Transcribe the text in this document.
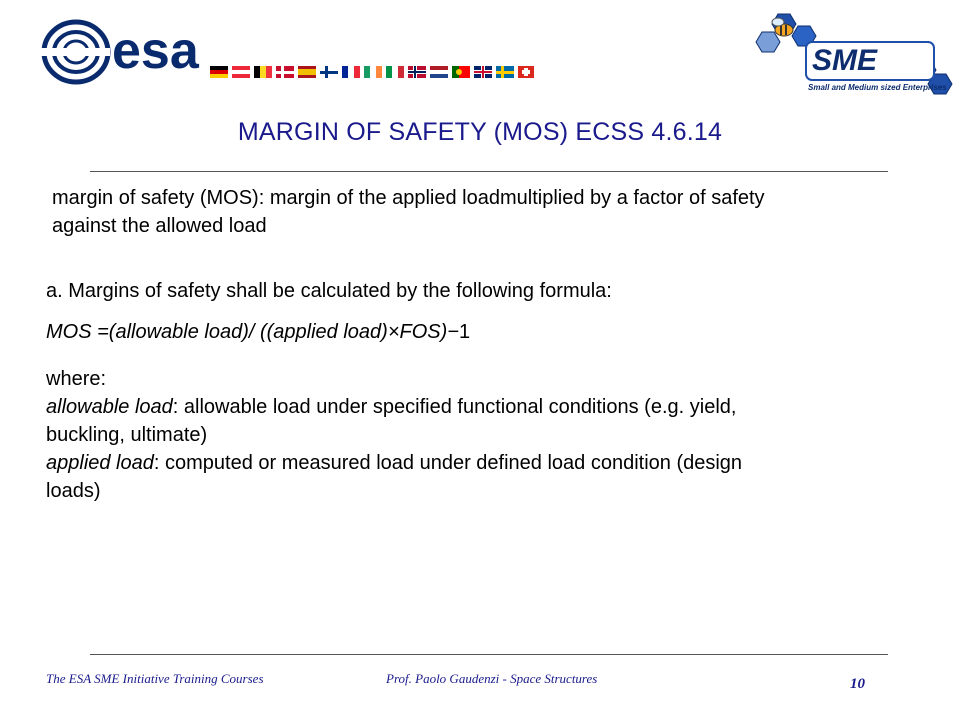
esa	SME
Small and Medium sized Enterprises
MARGIN OF SAFETY (MOS) ECSS 4.6.14
margin of safety (MOS): margin of the applied loadmultiplied by a factor of safety
against the allowed load
a. Margins of safety shall be calculated by the following formula:
MOS =(allowable load)/ ((applied load)×FOS)−1
where:
allowable load: allowable load under specified functional conditions (e.g. yield,
buckling, ultimate)
applied load: computed or measured load under defined load condition (design
loads)
The ESA SME Initiative Training Courses	Prof. Paolo Gaudenzi - Space Structures	10
